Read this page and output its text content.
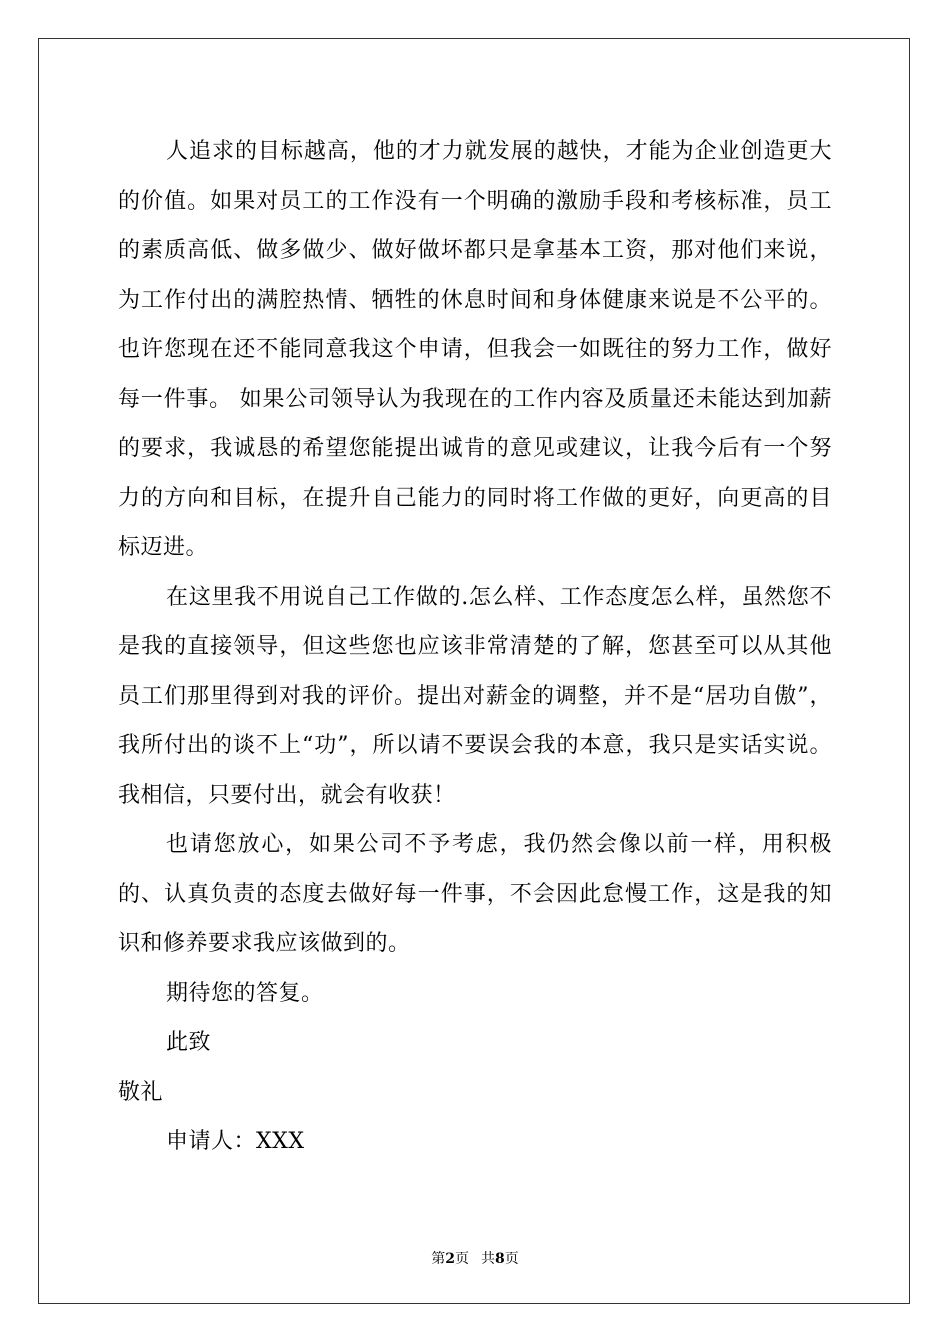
人追求的目标越高，他的才力就发展的越快，才能为企业创造更大的价值。如果对员工的工作没有一个明确的激励手段和考核标准，员工的素质高低、做多做少、做好做坏都只是拿基本工资，那对他们来说，为工作付出的满腔热情、牺牲的休息时间和身体健康来说是不公平的。也许您现在还不能同意我这个申请，但我会一如既往的努力工作，做好每一件事。 如果公司领导认为我现在的工作内容及质量还未能达到加薪的要求，我诚恳的希望您能提出诚肯的意见或建议，让我今后有一个努力的方向和目标，在提升自己能力的同时将工作做的更好，向更高的目标迈进。

在这里我不用说自己工作做的.怎么样、工作态度怎么样，虽然您不是我的直接领导，但这些您也应该非常清楚的了解，您甚至可以从其他员工们那里得到对我的评价。提出对薪金的调整，并不是“居功自傲”，我所付出的谈不上“功”，所以请不要误会我的本意，我只是实话实说。我相信，只要付出，就会有收获！

也请您放心，如果公司不予考虑，我仍然会像以前一样，用积极的、认真负责的态度去做好每一件事，不会因此怠慢工作，这是我的知识和修养要求我应该做到的。

期待您的答复。

此致

敬礼

申请人：XXX

第2页 共8页
